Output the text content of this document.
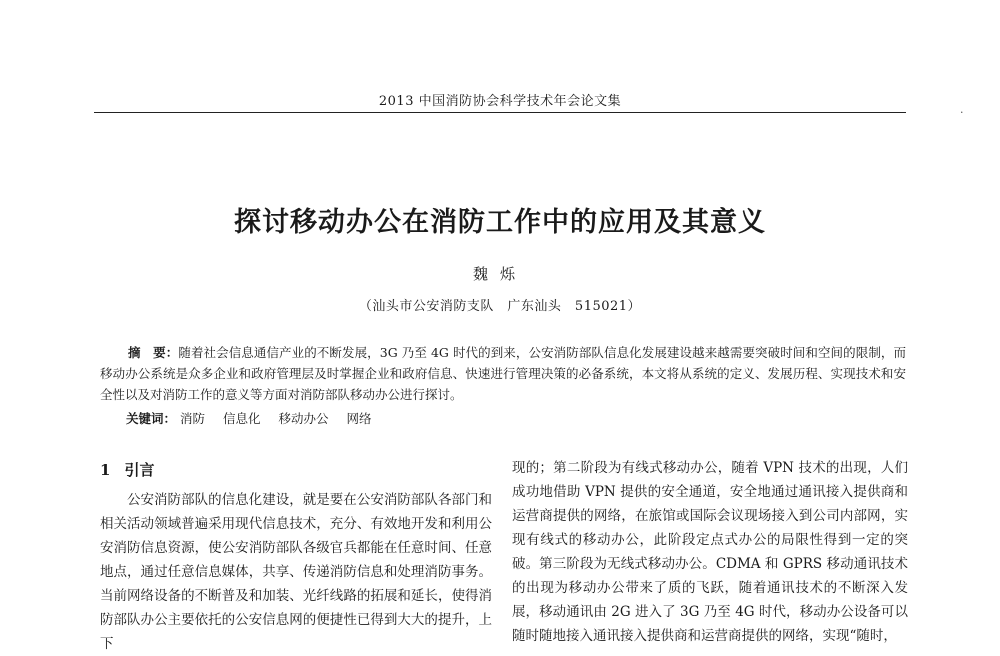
2013 中国消防协会科学技术年会论文集
·
探讨移动办公在消防工作中的应用及其意义
魏烁
（汕头市公安消防支队　广东汕头　515021）

摘　要：随着社会信息通信产业的不断发展，3G 乃至 4G 时代的到来，公安消防部队信息化发展建设越来越需要突破时间和空间的限制，而移动办公系统是众多企业和政府管理层及时掌握企业和政府信息、快速进行管理决策的必备系统，本文将从系统的定义、发展历程、实现技术和安全性以及对消防工作的意义等方面对消防部队移动办公进行探讨。

关键词： 消防 信息化 移动办公 网络
1 引言

公安消防部队的信息化建设，就是要在公安消防部队各部门和相关活动领域普遍采用现代信息技术，充分、有效地开发和利用公安消防信息资源，使公安消防部队各级官兵都能在任意时间、任意地点，通过任意信息媒体，共享、传递消防信息和处理消防事务。当前网络设备的不断普及和加装、光纤线路的拓展和延长，使得消防部队办公主要依托的公安信息网的便捷性已得到大大的提升，上下

现的；第二阶段为有线式移动办公，随着 VPN 技术的出现，人们成功地借助 VPN 提供的安全通道，安全地通过通讯接入提供商和运营商提供的网络，在旅馆或国际会议现场接入到公司内部网，实现有线式的移动办公，此阶段定点式办公的局限性得到一定的突破。第三阶段为无线式移动办公。CDMA 和 GPRS 移动通讯技术的出现为移动办公带来了质的飞跃，随着通讯技术的不断深入发展，移动通讯由 2G 进入了 3G 乃至 4G 时代，移动办公设备可以随时随地接入通讯接入提供商和运营商提供的网络，实现“随时，
